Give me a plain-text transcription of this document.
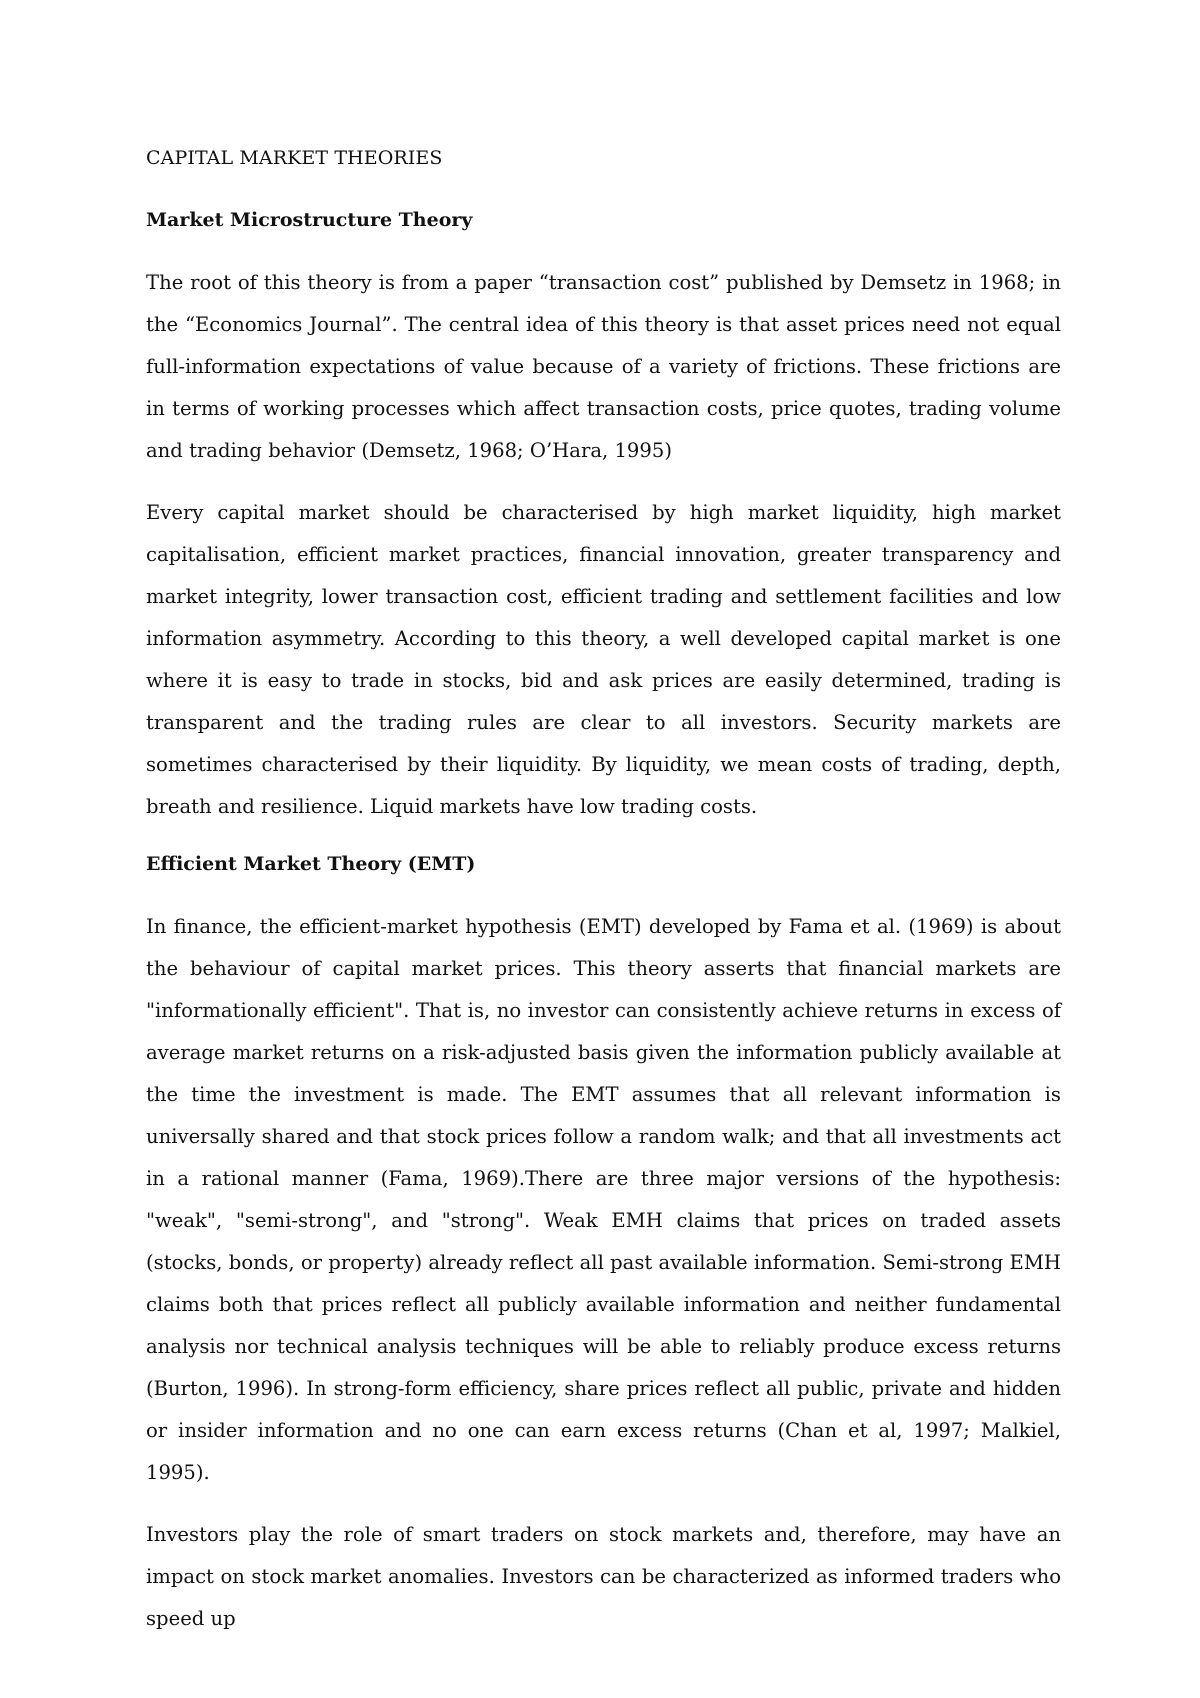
CAPITAL MARKET THEORIES
Market Microstructure Theory

The root of this theory is from a paper “transaction cost” published by Demsetz in 1968; in the “Economics Journal”. The central idea of this theory is that asset prices need not equal full-information expectations of value because of a variety of frictions. These frictions are in terms of working processes which affect transaction costs, price quotes, trading volume and trading behavior (Demsetz, 1968; O’Hara, 1995)

Every capital market should be characterised by high market liquidity, high market capitalisation, efficient market practices, financial innovation, greater transparency and market integrity, lower transaction cost, efficient trading and settlement facilities and low information asymmetry. According to this theory, a well developed capital market is one where it is easy to trade in stocks, bid and ask prices are easily determined, trading is transparent and the trading rules are clear to all investors. Security markets are sometimes characterised by their liquidity. By liquidity, we mean costs of trading, depth, breath and resilience. Liquid markets have low trading costs.

Efficient Market Theory (EMT)

In finance, the efficient-market hypothesis (EMT) developed by Fama et al. (1969) is about the behaviour of capital market prices. This theory asserts that financial markets are "informationally efficient". That is, no investor can consistently achieve returns in excess of average market returns on a risk-adjusted basis given the information publicly available at the time the investment is made. The EMT assumes that all relevant information is universally shared and that stock prices follow a random walk; and that all investments act in a rational manner (Fama, 1969).There are three major versions of the hypothesis: "weak", "semi-strong", and "strong". Weak EMH claims that prices on traded assets (stocks, bonds, or property) already reflect all past available information. Semi-strong EMH claims both that prices reflect all publicly available information and neither fundamental analysis nor technical analysis techniques will be able to reliably produce excess returns (Burton, 1996). In strong-form efficiency, share prices reflect all public, private and hidden or insider information and no one can earn excess returns (Chan et al, 1997; Malkiel, 1995).

Investors play the role of smart traders on stock markets and, therefore, may have an impact on stock market anomalies. Investors can be characterized as informed traders who speed up
